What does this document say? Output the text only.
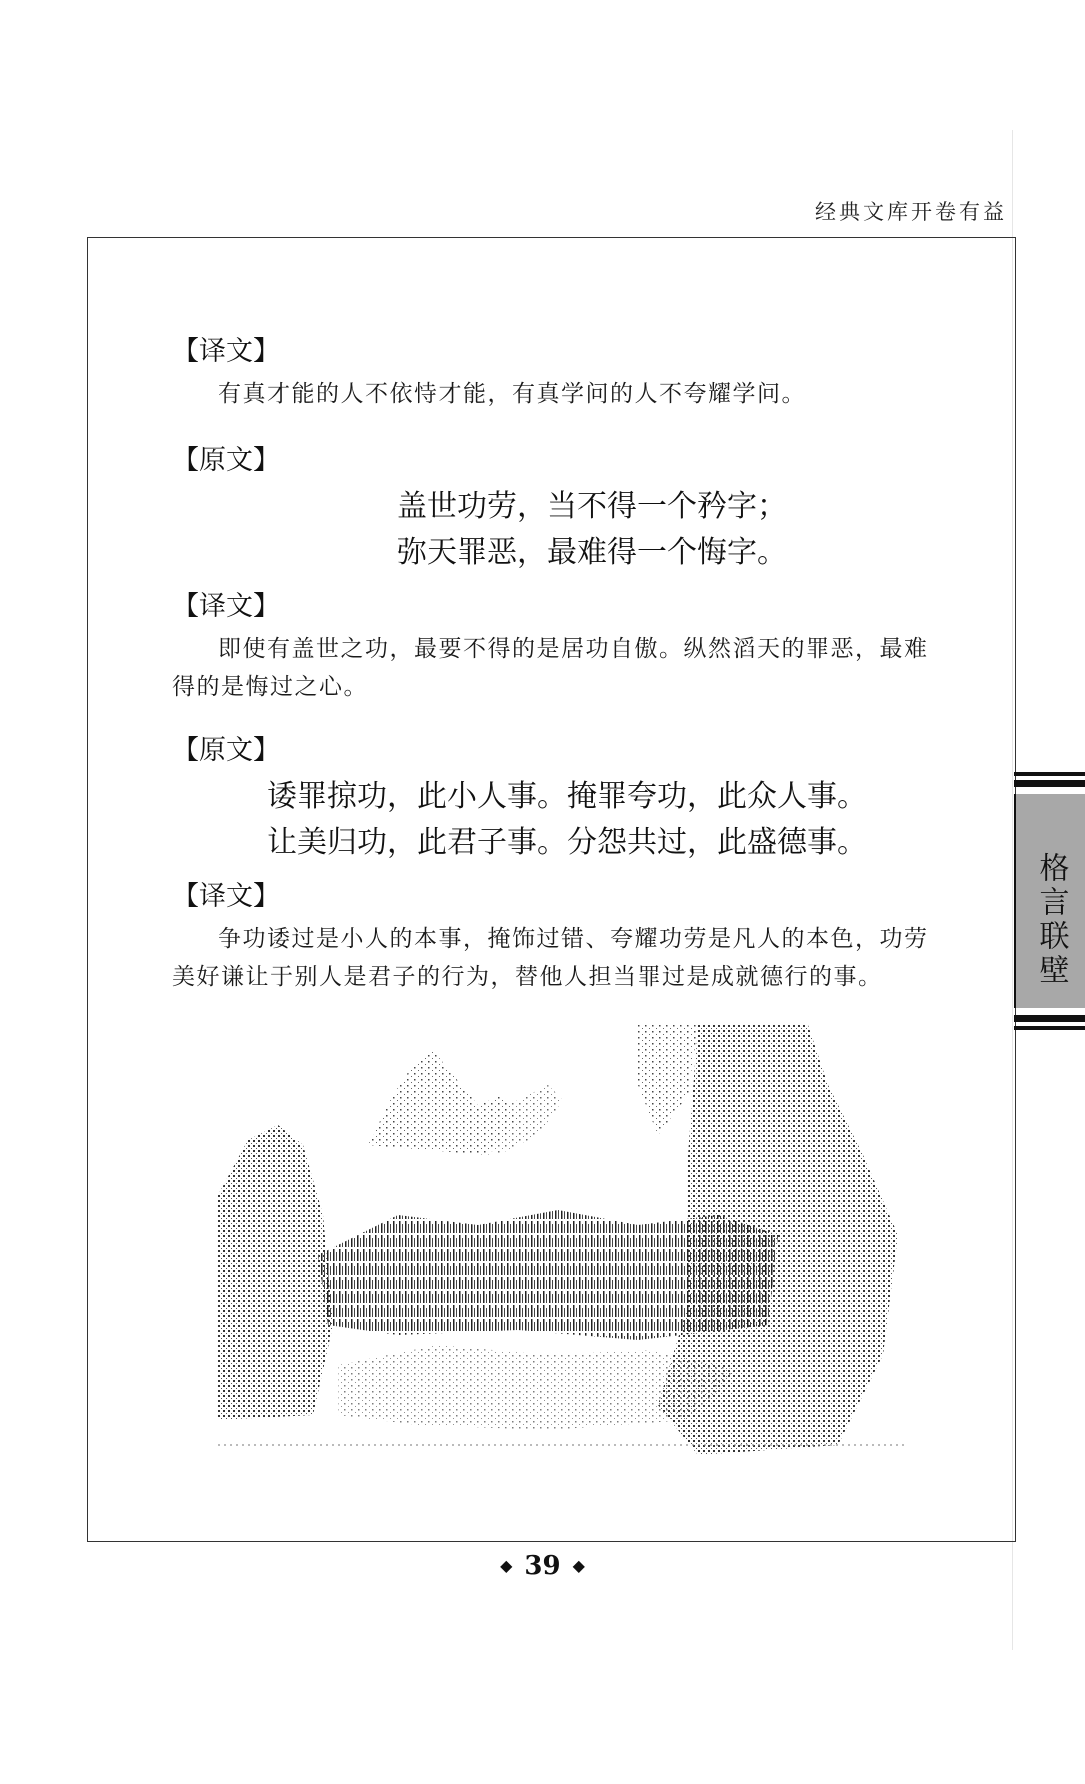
经典文库开卷有益

【译文】

有真才能的人不依恃才能，有真学问的人不夸耀学问。

【原文】

盖世功劳，当不得一个矜字；
弥天罪恶，最难得一个悔字。

【译文】

即使有盖世之功，最要不得的是居功自傲。纵然滔天的罪恶，最难得的是悔过之心。

【原文】

诿罪掠功，此小人事。掩罪夸功，此众人事。
让美归功，此君子事。分怨共过，此盛德事。

【译文】

争功诿过是小人的本事，掩饰过错、夸耀功劳是凡人的本色，功劳美好谦让于别人是君子的行为，替他人担当罪过是成就德行的事。	格言联壁
◆ 39 ◆
